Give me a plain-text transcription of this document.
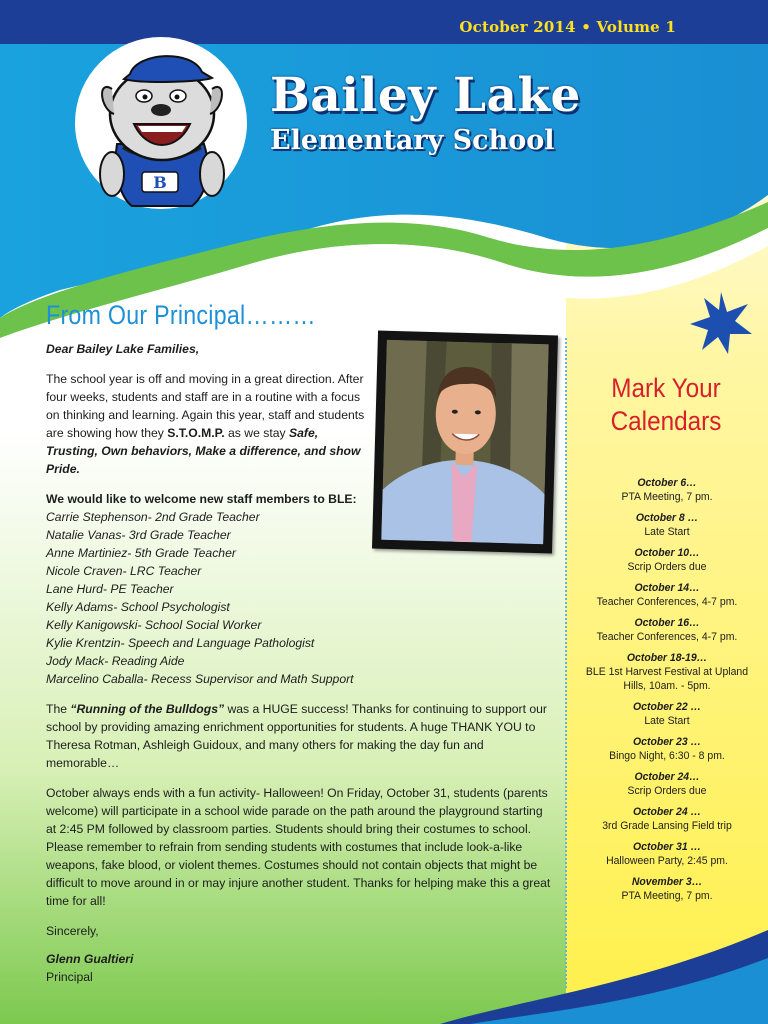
October 2014 • Volume 1
B
Bailey Lake
Elementary School
From Our Principal………

Dear Bailey Lake Families,

The school year is off and moving in a great direction. After four weeks, students and staff are in a routine with a focus on thinking and learning. Again this year, staff and students are showing how they S.T.O.M.P. as we stay Safe, Trusting, Own behaviors, Make a difference, and show Pride.

We would like to welcome new staff members to BLE:

Carrie Stephenson- 2nd Grade Teacher
Natalie Vanas- 3rd Grade Teacher
Anne Martiniez- 5th Grade Teacher
Nicole Craven- LRC Teacher
Lane Hurd- PE Teacher
Kelly Adams- School Psychologist
Kelly Kanigowski- School Social Worker
Kylie Krentzin- Speech and Language Pathologist
Jody Mack- Reading Aide
Marcelino Caballa- Recess Supervisor and Math Support

The “Running of the Bulldogs” was a HUGE success! Thanks for continuing to support our school by providing amazing enrichment opportunities for students. A huge THANK YOU to Theresa Rotman, Ashleigh Guidoux, and many others for making the day fun and memorable…

October always ends with a fun activity- Halloween! On Friday, October 31, students (parents welcome) will participate in a school wide parade on the path around the playground starting at 2:45 PM followed by classroom parties. Students should bring their costumes to school. Please remember to refrain from sending students with costumes that include look-a-like weapons, fake blood, or violent themes. Costumes should not contain objects that might be difficult to move around in or may injure another student. Thanks for helping make this a great time for all!

Sincerely,

Glenn Gualtieri
Principal
Mark Your
Calendars
October 6…
PTA Meeting, 7 pm.
October 8 …
Late Start
October 10…
Scrip Orders due
October 14…
Teacher Conferences, 4-7 pm.
October 16…
Teacher Conferences, 4-7 pm.
October 18-19…
BLE 1st Harvest Festival at Upland Hills, 10am. - 5pm.
October 22 …
Late Start
October 23 …
Bingo Night, 6:30 - 8 pm.
October 24…
Scrip Orders due
October 24 …
3rd Grade Lansing Field trip
October 31 …
Halloween Party, 2:45 pm.
November 3…
PTA Meeting, 7 pm.
